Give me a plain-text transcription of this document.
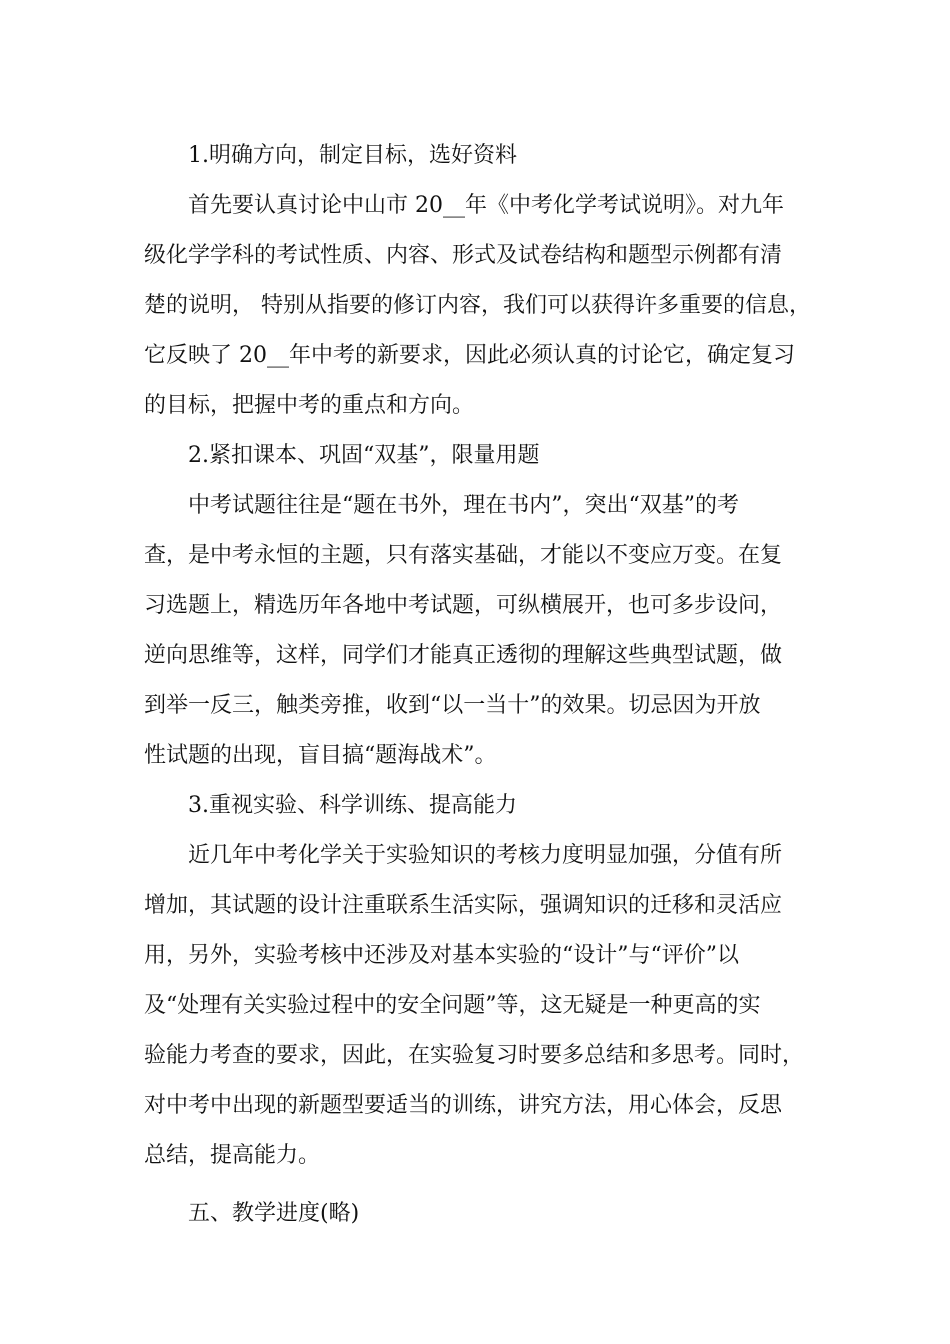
1.明确方向，制定目标，选好资料

首先要认真讨论中山市 20__年《中考化学考试说明》。对九年

级化学学科的考试性质、内容、形式及试卷结构和题型示例都有清

楚的说明， 特别从指要的修订内容，我们可以获得许多重要的信息，

它反映了 20__年中考的新要求，因此必须认真的讨论它，确定复习

的目标，把握中考的重点和方向。

2.紧扣课本、巩固“双基”，限量用题

中考试题往往是“题在书外，理在书内”，突出“双基”的考

查，是中考永恒的主题，只有落实基础，才能以不变应万变。在复

习选题上，精选历年各地中考试题，可纵横展开，也可多步设问，

逆向思维等，这样，同学们才能真正透彻的理解这些典型试题，做

到举一反三，触类旁推，收到“以一当十”的效果。切忌因为开放

性试题的出现，盲目搞“题海战术”。

3.重视实验、科学训练、提高能力

近几年中考化学关于实验知识的考核力度明显加强，分值有所

增加，其试题的设计注重联系生活实际，强调知识的迁移和灵活应

用，另外，实验考核中还涉及对基本实验的“设计”与“评价”以

及“处理有关实验过程中的安全问题”等，这无疑是一种更高的实

验能力考查的要求，因此，在实验复习时要多总结和多思考。同时，

对中考中出现的新题型要适当的训练，讲究方法，用心体会，反思

总结，提高能力。

五、教学进度(略)
